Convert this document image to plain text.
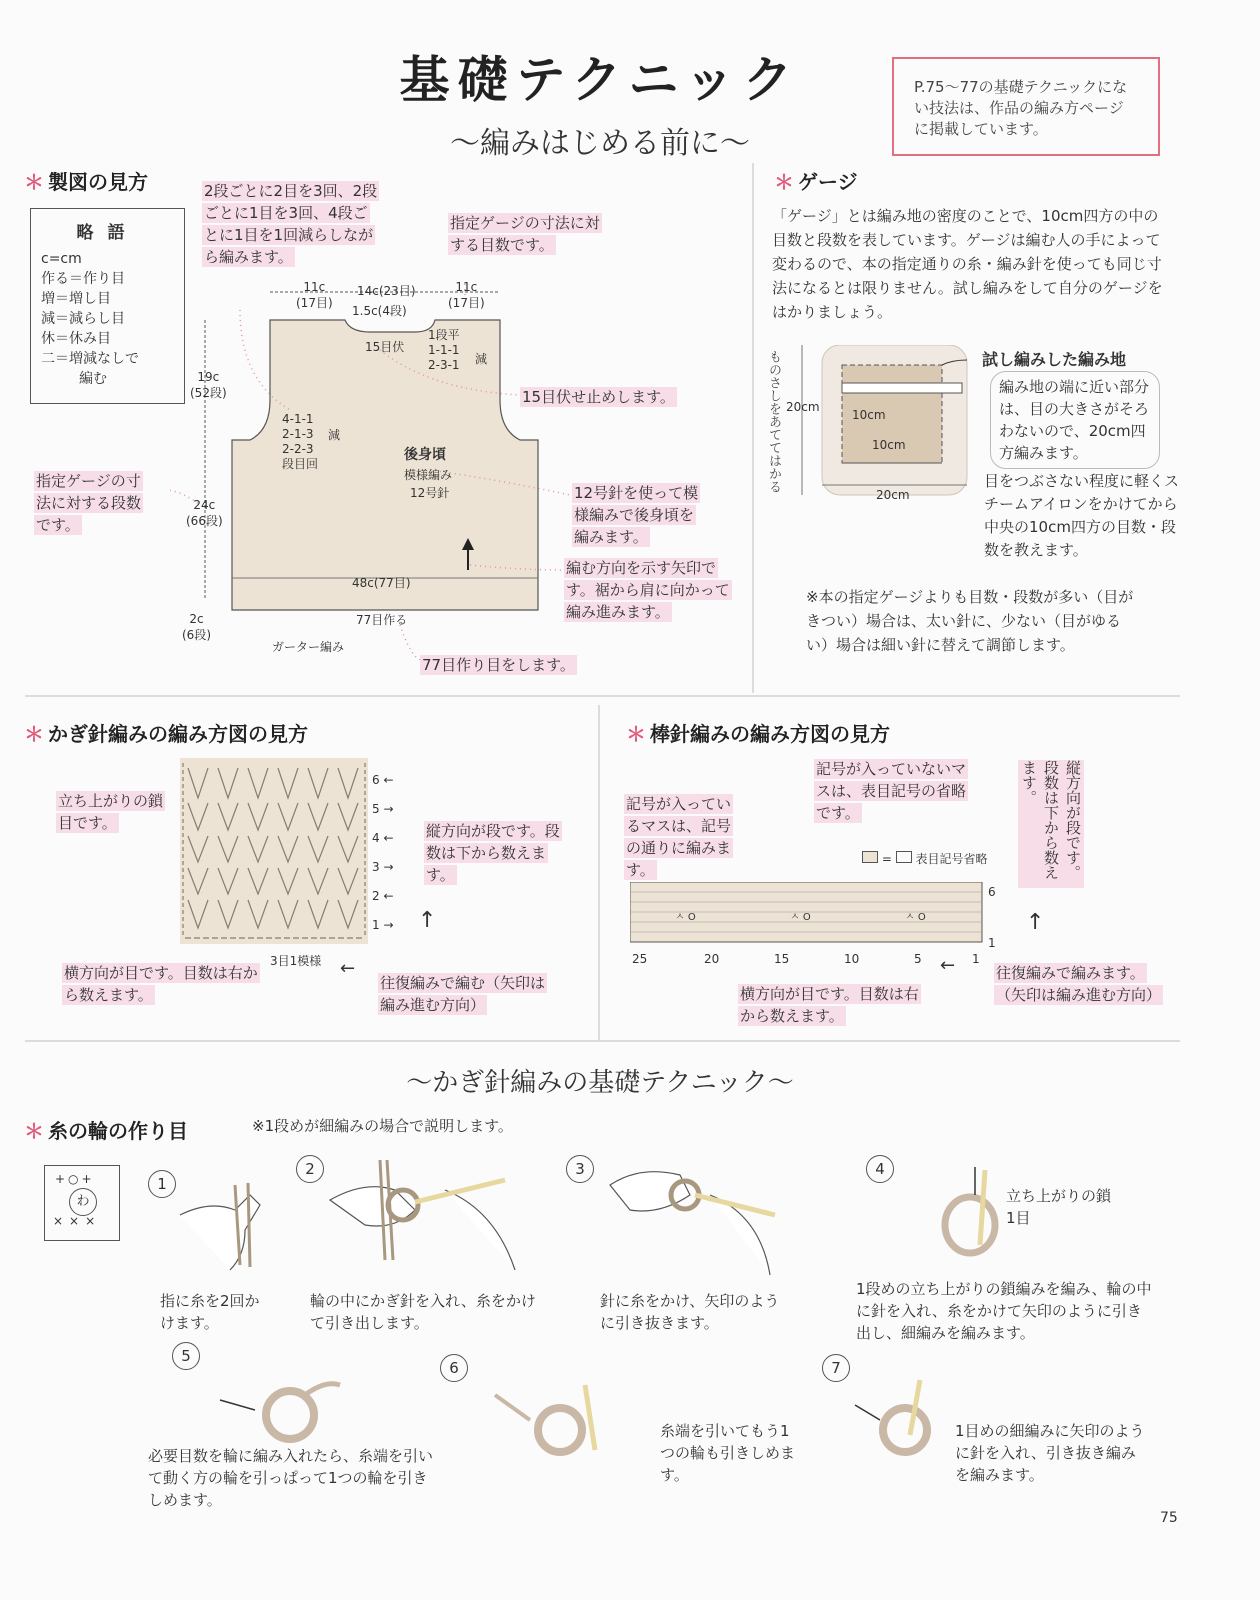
基礎テクニック
〜編みはじめる前に〜
P.75〜77の基礎テクニックにない技法は、作品の編み方ページに掲載しています。
＊ 製図の見方
略語
c=cm
作る＝作り目
増＝増し目
減＝減らし目
休＝休み目
二＝増減なしで
編む
2段ごとに2目を3回、2段ごとに1目を3回、4段ごとに1目を1回減らしながら編みます。
指定ゲージの寸法に対する目数です。
15目伏せ止めします。
指定ゲージの寸法に対する段数です。
12号針を使って模様編みで後身頃を編みます。
編む方向を示す矢印です。裾から肩に向かって編み進みます。
77目作り目をします。
11c
(17目)
14c(23目)	11c
(17目)
1.5c(4段)
15目伏
1段平
1-1-1
2-3-1 減
19c
(52段)
4-1-1
2-1-3
2-2-3
段目回
減
後身頃
模様編み
12号針
24c
(66段)
48c(77目)
2c
(6段)
77目作る
ガーター編み
＊ ゲージ
「ゲージ」とは編み地の密度のことで、10cm四方の中の目数と段数を表しています。ゲージは編む人の手によって変わるので、本の指定通りの糸・編み針を使っても同じ寸法になるとは限りません。試し編みをして自分のゲージをはかりましょう。
ものさしをあててはかる 20cm
10cm
10cm
20cm
試し編みした編み地
編み地の端に近い部分は、目の大きさがそろわないので、20cm四方編みます。
目をつぶさない程度に軽くスチームアイロンをかけてから中央の10cm四方の目数・段数を教えます。
※本の指定ゲージよりも目数・段数が多い（目がきつい）場合は、太い針に、少ない（目がゆるい）場合は細い針に替えて調節します。
＊ かぎ針編みの編み方図の見方
6 ←
5 →
4 ←
3 →
2 ←
1 →
3目1模様
立ち上がりの鎖目です。	縦方向が段です。段数は下から数えます。
↑
←
横方向が目です。目数は右から数えます。
往復編みで編む（矢印は編み進む方向）
＊ 棒針編みの編み方図の見方
記号が入っているマスは、記号の通りに編みます。
記号が入っていないマスは、表目記号の省略です。	縦方向が段です。段数は下から数えます。
=  表目記号省略
ㅅ O	ㅅ O	ㅅ O
25	20	15	10	5	1
6
1
↑
←
横方向が目です。目数は右から数えます。
往復編みで編みます。（矢印は編み進む方向）
〜かぎ針編みの基礎テクニック〜
＊ 糸の輪の作り目	※1段めが細編みの場合で説明します。
わ
+○+
×××
1
2	3	4
5
6	7
指に糸を2回かけます。
輪の中にかぎ針を入れ、糸をかけて引き出します。
針に糸をかけ、矢印のように引き抜きます。
立ち上がりの鎖1目
1段めの立ち上がりの鎖編みを編み、輪の中に針を入れ、糸をかけて矢印のように引き出し、細編みを編みます。
必要目数を輪に編み入れたら、糸端を引いて動く方の輪を引っぱって1つの輪を引きしめます。
糸端を引いてもう1つの輪も引きしめます。
1目めの細編みに矢印のように針を入れ、引き抜き編みを編みます。
75
